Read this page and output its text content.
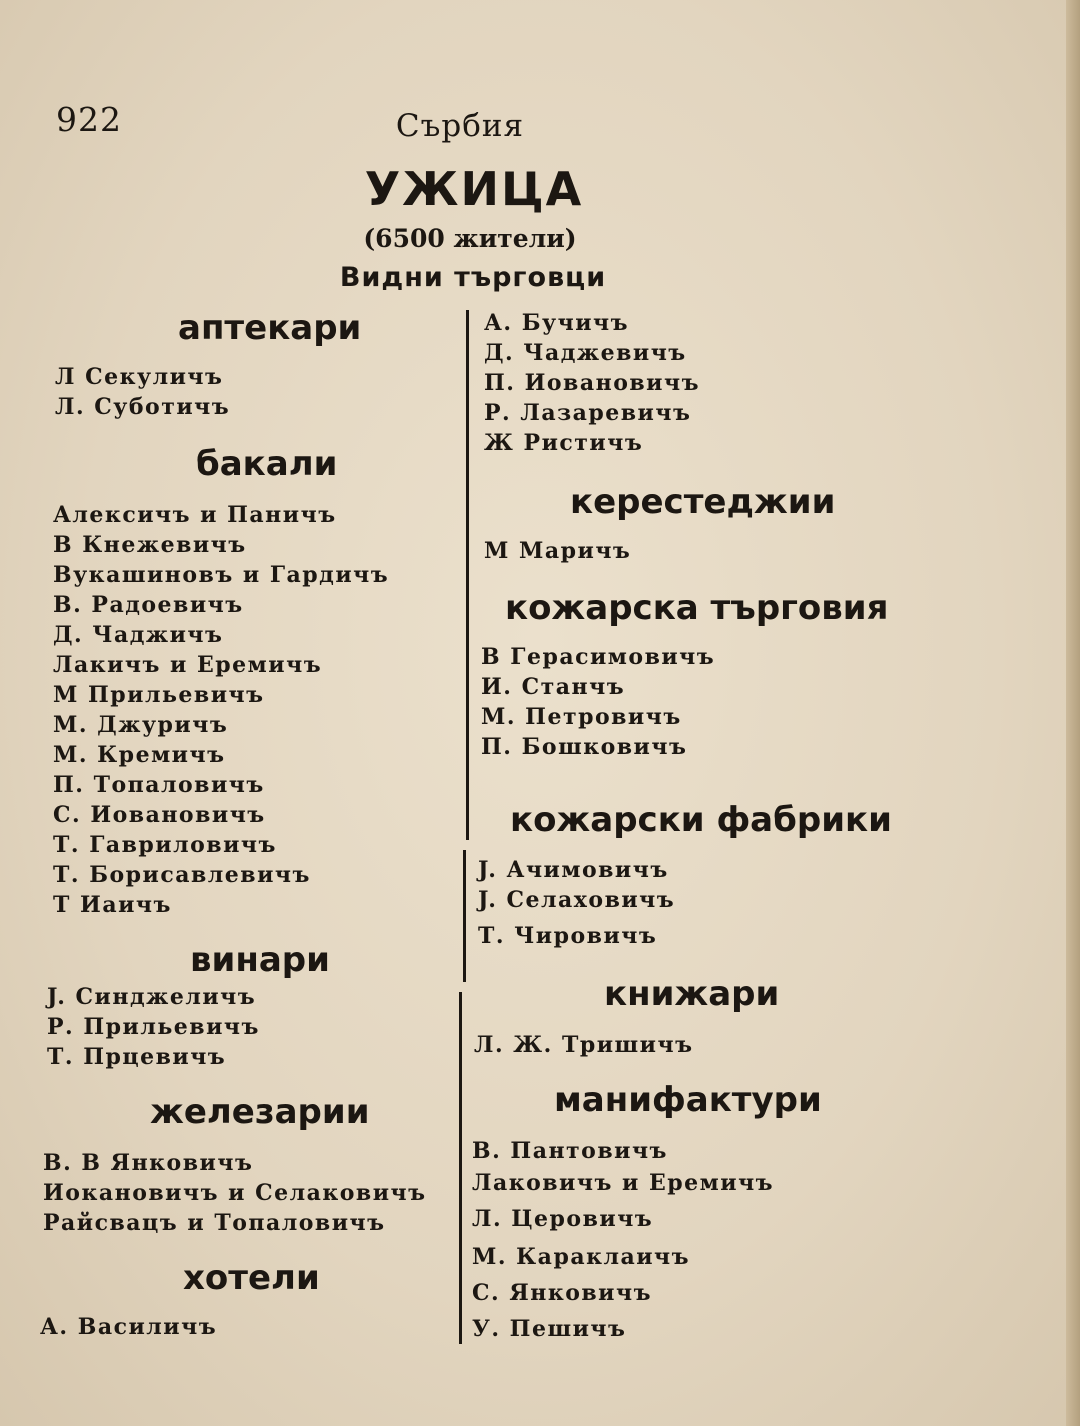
922	Сърбия
УЖИЦА
(6500 жители)
Видни търговци
аптекари
Л Секуличъ
Л. Суботичъ
бакали
Алексичъ и Паничъ
В Кнежевичъ
Вукашиновъ и Гардичъ
В. Радоевичъ
Д. Чаджичъ
Лакичъ и Еремичъ
М Прильевичъ
М. Джуричъ
М. Кремичъ
П. Топаловичъ
С. Иовановичъ
Т. Гавриловичъ
Т. Борисавлевичъ
Т Иаичъ
винари
J. Синджеличъ
Р. Прильевичъ
Т. Прцевичъ
железарии
В. В Янковичъ
Иокановичъ и Селаковичъ
Райсвацъ и Топаловичъ
хотели
А. Василичъ
А. Бучичъ
Д. Чаджевичъ
П. Иовановичъ
Р. Лазаревичъ
Ж Ристичъ
керестеджии
М Маричъ
кожарска търговия
В Герасимовичъ
И. Станчъ
М. Петровичъ
П. Бошковичъ
кожарски фабрики
J. Ачимовичъ
J. Селаховичъ
Т. Чировичъ
книжари
Л. Ж. Тришичъ
манифактури
В. Пантовичъ
Лаковичъ и Еремичъ
Л. Церовичъ
М. Караклаичъ
С. Янковичъ
У. Пешичъ
